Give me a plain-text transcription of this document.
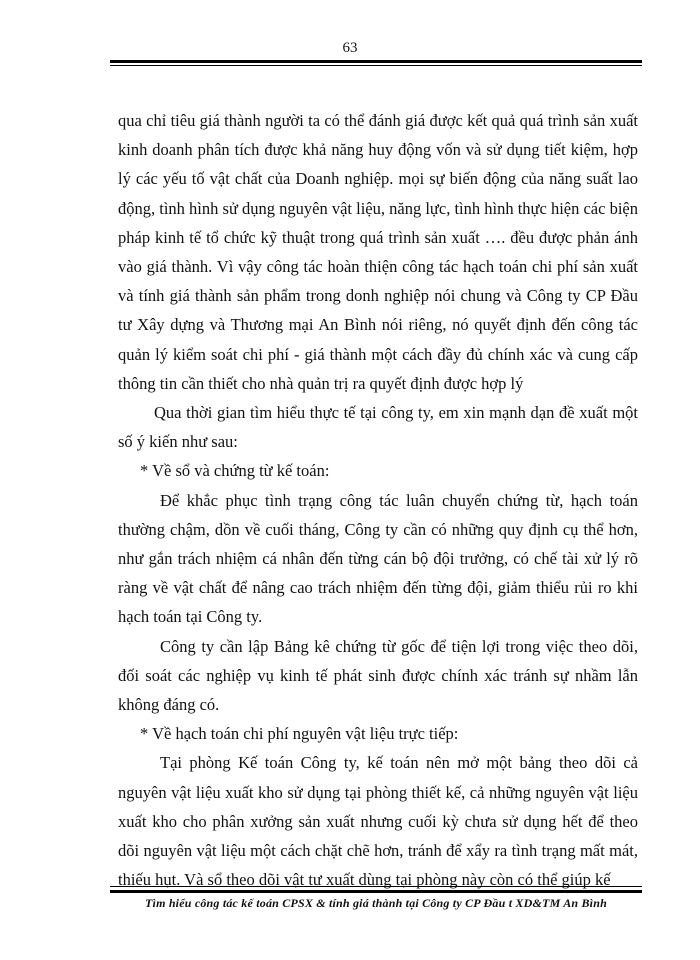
63

qua chỉ tiêu giá thành người ta có thể đánh giá được kết quả quá trình sản xuất kinh doanh phân tích được khả năng huy động vốn và sử dụng tiết kiệm, hợp lý các yếu tố vật chất của Doanh nghiệp. mọi sự biến động của năng suất lao động, tình hình sử dụng nguyên vật liệu, năng lực, tình hình thực hiện các biện pháp kinh tế tổ chức kỹ thuật trong quá trình sản xuất …. đều được phản ánh vào giá thành. Vì vậy công tác hoàn thiện công tác hạch toán chi phí sản xuất và tính giá thành sản phẩm trong donh nghiệp nói chung và Công ty CP Đầu tư Xây dựng và Thương mại An Bình nói riêng, nó quyết định đến công tác quản lý kiểm soát chi phí - giá thành một cách đầy đủ chính xác và cung cấp thông tin cần thiết cho nhà quản trị ra quyết định được hợp lý

Qua thời gian tìm hiểu thực tế tại công ty, em xin mạnh dạn đề xuất một số ý kiến như sau:

* Về sổ và chứng từ kế toán:

Để khắc phục tình trạng công tác luân chuyển chứng từ, hạch toán thường chậm, dồn về cuối tháng, Công ty cần có những quy định cụ thể hơn, như gắn trách nhiệm cá nhân đến từng cán bộ đội trưởng, có chế tài xử lý rõ ràng về vật chất để nâng cao trách nhiệm đến từng đội, giảm thiểu rủi ro khi hạch toán tại Công ty.

Công ty cần lập Bảng kê chứng từ gốc để tiện lợi trong việc theo dõi, đối soát các nghiệp vụ kinh tế phát sinh được chính xác tránh sự nhầm lẫn không đáng có.

* Về hạch toán chi phí nguyên vật liệu trực tiếp:

Tại phòng Kế toán Công ty, kế toán nên mở một bảng theo dõi cả nguyên vật liệu xuất kho sử dụng tại phòng thiết kế, cả những nguyên vật liệu xuất kho cho phân xưởng sản xuất nhưng cuối kỳ chưa sử dụng hết để theo dõi nguyên vật liệu một cách chặt chẽ hơn, tránh để xẩy ra tình trạng mất mát, thiếu hụt. Và sổ theo dõi vật tư xuất dùng tại phòng này còn có thể giúp kế

Tìm hiểu công tác kế toán CPSX & tính giá thành tại Công ty CP Đầu t XD&TM An Bình
